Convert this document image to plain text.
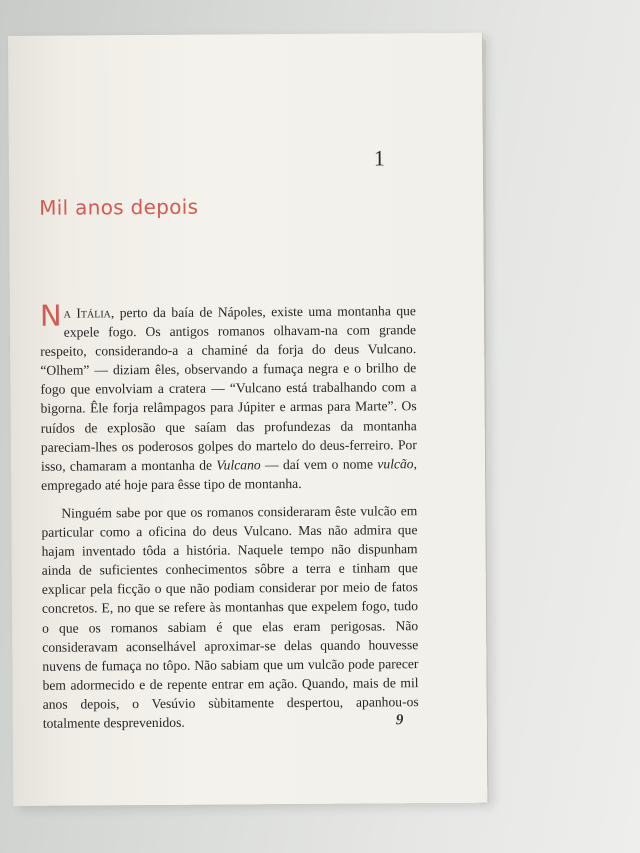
1
Mil anos depois

Na Itália, perto da baía de Nápoles, existe uma montanha que expele fogo. Os antigos romanos olhavam-na com grande respeito, considerando-a a chaminé da forja do deus Vulcano. “Olhem” — diziam êles, observando a fumaça negra e o brilho de fogo que envolviam a cratera — “Vulcano está trabalhando com a bigorna. Êle forja relâmpagos para Júpiter e armas para Marte”. Os ruídos de explosão que saíam das profundezas da montanha pareciam-lhes os poderosos golpes do martelo do deus-ferreiro. Por isso, chamaram a montanha de Vulcano — daí vem o nome vulcão, empregado até hoje para êsse tipo de montanha.

Ninguém sabe por que os romanos consideraram êste vulcão em particular como a oficina do deus Vulcano. Mas não admira que hajam inventado tôda a história. Naquele tempo não dispunham ainda de suficientes conhecimentos sôbre a terra e tinham que explicar pela ficção o que não podiam considerar por meio de fatos concretos. E, no que se refere às montanhas que expelem fogo, tudo o que os romanos sabiam é que elas eram perigosas. Não consideravam aconselhável aproximar-se delas quando houvesse nuvens de fumaça no tôpo. Não sabiam que um vulcão pode parecer bem adormecido e de repente entrar em ação. Quando, mais de mil anos depois, o Vesúvio sùbitamente despertou, apanhou-os totalmente desprevenidos.	9
